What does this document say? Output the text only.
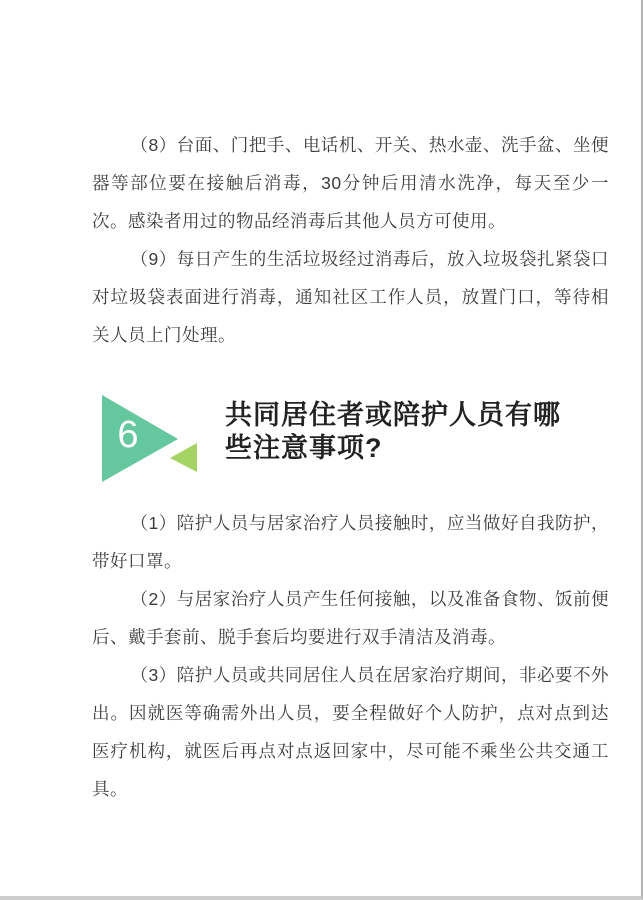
（8）台面、门把手、电话机、开关、热水壶、洗手盆、坐便器等部位要在接触后消毒，30分钟后用清水洗净，每天至少一次。感染者用过的物品经消毒后其他人员方可使用。

（9）每日产生的生活垃圾经过消毒后，放入垃圾袋扎紧袋口对垃圾袋表面进行消毒，通知社区工作人员，放置门口，等待相关人员上门处理。

6	共同居住者或陪护人员有哪
些注意事项?

（1）陪护人员与居家治疗人员接触时，应当做好自我防护，带好口罩。

（2）与居家治疗人员产生任何接触，以及准备食物、饭前便后、戴手套前、脱手套后均要进行双手清洁及消毒。

（3）陪护人员或共同居住人员在居家治疗期间，非必要不外出。因就医等确需外出人员，要全程做好个人防护，点对点到达医疗机构，就医后再点对点返回家中，尽可能不乘坐公共交通工具。
